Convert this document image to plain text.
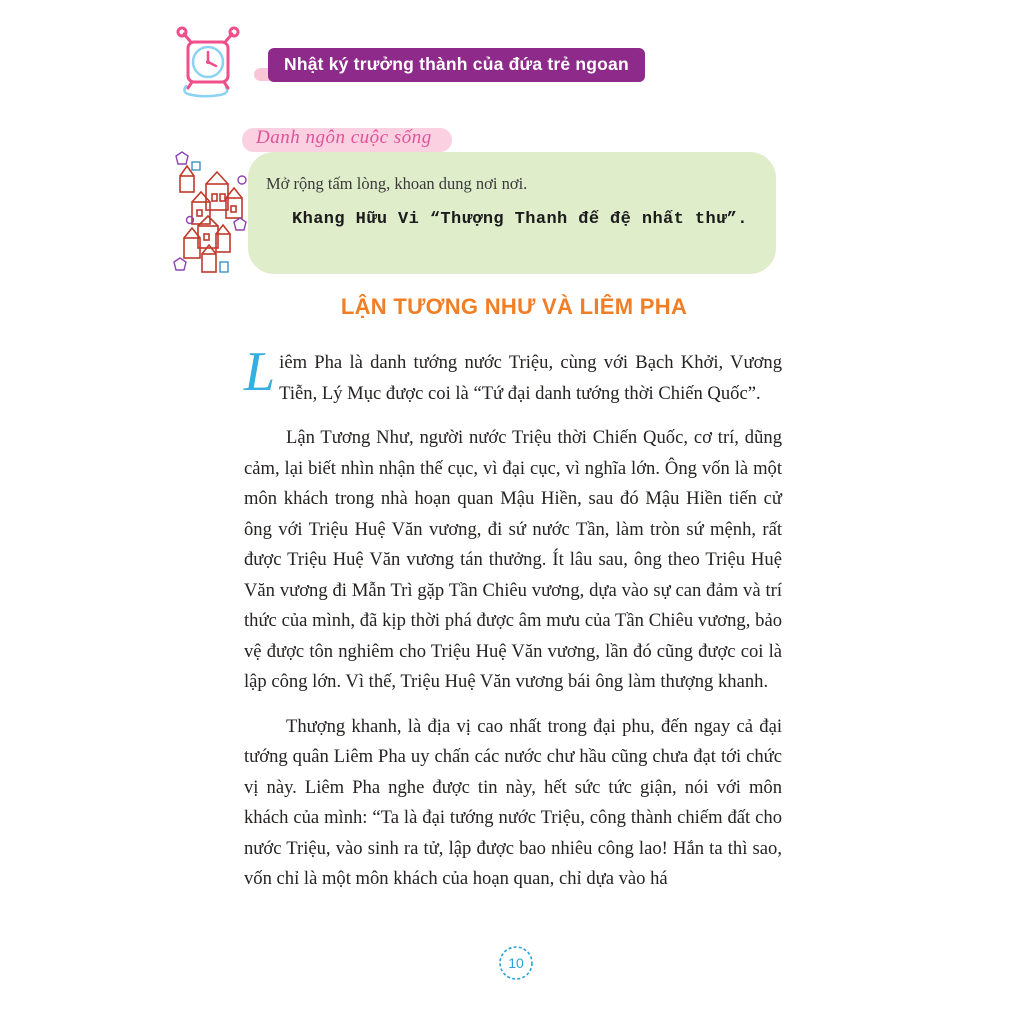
Nhật ký trưởng thành của đứa trẻ ngoan
Danh ngôn cuộc sống
Mở rộng tấm lòng, khoan dung nơi nơi.
Khang Hữu Vi “Thượng Thanh đế đệ nhất thư”.
LẬN TƯƠNG NHƯ VÀ LIÊM PHA

L iêm Pha là danh tướng nước Triệu, cùng với Bạch Khởi, Vương Tiễn, Lý Mục được coi là “Tứ đại danh tướng thời Chiến Quốc”.

Lận Tương Như, người nước Triệu thời Chiến Quốc, cơ trí, dũng cảm, lại biết nhìn nhận thế cục, vì đại cục, vì nghĩa lớn. Ông vốn là một môn khách trong nhà hoạn quan Mậu Hiền, sau đó Mậu Hiền tiến cử ông với Triệu Huệ Văn vương, đi sứ nước Tần, làm tròn sứ mệnh, rất được Triệu Huệ Văn vương tán thưởng. Ít lâu sau, ông theo Triệu Huệ Văn vương đi Mẫn Trì gặp Tần Chiêu vương, dựa vào sự can đảm và trí thức của mình, đã kịp thời phá được âm mưu của Tần Chiêu vương, bảo vệ được tôn nghiêm cho Triệu Huệ Văn vương, lần đó cũng được coi là lập công lớn. Vì thế, Triệu Huệ Văn vương bái ông làm thượng khanh.

Thượng khanh, là địa vị cao nhất trong đại phu, đến ngay cả đại tướng quân Liêm Pha uy chấn các nước chư hầu cũng chưa đạt tới chức vị này. Liêm Pha nghe được tin này, hết sức tức giận, nói với môn khách của mình: “Ta là đại tướng nước Triệu, công thành chiếm đất cho nước Triệu, vào sinh ra tử, lập được bao nhiêu công lao! Hắn ta thì sao, vốn chỉ là một môn khách của hoạn quan, chỉ dựa vào há

10
